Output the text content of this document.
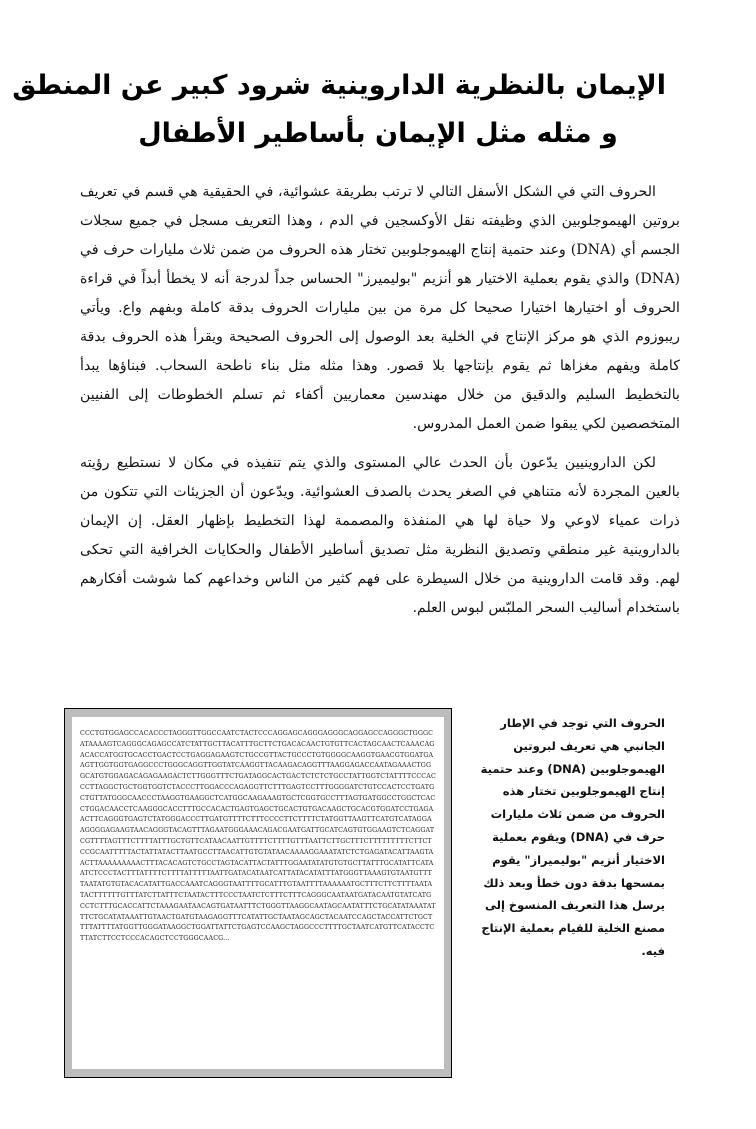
الإيمان بالنظرية الداروينية شرود كبير عن المنطق
و مثله مثل الإيمان بأساطير الأطفال

الحروف التي في الشكل الأسفل التالي لا ترتب بطريقة عشوائية، في الحقيقية هي قسم في تعريف بروتين الهيموجلوبين الذي وظيفته نقل الأوكسجين في الدم ، وهذا التعريف مسجل في جميع سجلات الجسم أي (DNA) وعند حتمية إنتاج الهيموجلوبين تختار هذه الحروف من ضمن ثلاث مليارات حرف في (DNA) والذي يقوم بعملية الاختيار هو أنزيم "بوليميرز" الحساس جداً لدرجة أنه لا يخطأ أبداً في قراءة الحروف أو اختيارها اختيارا صحيحا كل مرة من بين مليارات الحروف بدقة كاملة وبفهم واع. ويأتي ريبوزوم الذي هو مركز الإنتاج في الخلية بعد الوصول إلى الحروف الصحيحة ويقرأ هذه الحروف بدقة كاملة ويفهم مغزاها ثم يقوم بإنتاجها بلا قصور. وهذا مثله مثل بناء ناطحة السحاب. فبناؤها يبدأ بالتخطيط السليم والدقيق من خلال مهندسين معماريين أكفاء ثم تسلم الخطوطات إلى الفنيين المتخصصين لكي يبقوا ضمن العمل المدروس.

لكن الداروينيين يدّعون بأن الحدث عالي المستوى والذي يتم تنفيذه في مكان لا نستطيع رؤيته بالعين المجردة لأنه متناهي في الصغر يحدث بالصدف العشوائية. ويدّعون أن الجزيئات التي تتكون من ذرات عمياء لاوعي ولا حياة لها هي المنفذة والمصممة لهذا التخطيط بإظهار العقل. إن الإيمان بالداروينية غير منطقي وتصديق النظرية مثل تصديق أساطير الأطفال والحكايات الخرافية التي تحكى لهم. وقد قامت الداروينية من خلال السيطرة على فهم كثير من الناس وخداعهم كما شوشت أفكارهم باستخدام أساليب السحر الملبّس لبوس العلم.

CCCTGTGGAGCCACACCCTAGGGTTGGCCAATCTACTCCCAGGAGCAGGGAGGGCAGGAGCCAGGGCTGGGCATAAAAGTCAGGGCAGAGCCATCTATTGCTTACATTTGCTTCTGACACAACTGTGTTCACTAGCAACTCAAACAGACACCATGGTGCACCTGACTCCTGAGGAGAAGTCTGCCGTTACTGCCCTGTGGGGCAAGGTGAACGTGGATGAAGTTGGTGGTGAGGCCCTGGGCAGGTTGGTATCAAGGTTACAAGACAGGTTTAAGGAGACCAATAGAAACTGGGCATGTGGAGACAGAGAAGACTCTTGGGTTTCTGATAGGCACTGACTCTCTCTGCCTATTGGTCTATTTTCCCACCCTTAGGCTGCTGGTGGTCTACCCTTGGACCCAGAGGTTCTTTGAGTCCTTTGGGGATCTGTCCACTCCTGATGCTGTTATGGGCAACCCTAAGGTGAAGGCTCATGGCAAGAAAGTGCTCGGTGCCTTTAGTGATGGCCTGGCTCACCTGGACAACCTCAAGGGCACCTTTGCCACACTGAGTGAGCTGCACTGTGACAAGCTGCACGTGGATCCTGAGAACTTCAGGGTGAGTCTATGGGACCCTTGATGTTTTCTTTCCCCTTCTTTTCTATGGTTAAGTTCATGTCATAGGAAGGGGAGAAGTAACAGGGTACAGTTTAGAATGGGAAACAGACGAATGATTGCATCAGTGTGGAAGTCTCAGGATCGTTTTAGTTTCTTTTATTTGCTGTTCATAACAATTGTTTTCTTTTGTTTAATTCTTGCTTTCTTTTTTTTTCTTCTCCGCAATTTTTACTATTATACTTAATGCCTTAACATTGTGTATAACAAAAGGAAATATCTCTGAGATACATTAAGTAACTTAAAAAAAAACTTTACACAGTCTGCCTAGTACATTACTATTTGGAATATATGTGTGCTTATTTGCATATTCATAATCTCCCTACTTTATTTTCTTTTATTTTTAATTGATACATAATCATTATACATATTTATGGGTTAAAGTGTAATGTTTTAATATGTGTACACATATTGACCAAATCAGGGTAATTTTGCATTTGTAATTTTAAAAAATGCTTTCTTCTTTTAATATACTTTTTTGTTTATCTTATTTCTAATACTTTCCCTAATCTCTTTCTTTCAGGGCAATAATGATACAATGTATCATGCCTCTTTGCACCATTCTAAAGAATAACAGTGATAATTTCTGGGTTAAGGCAATAGCAATATTTCTGCATATAAATATTTCTGCATATAAATTGTAACTGATGTAAGAGGTTTCATATTGCTAATAGCAGCTACAATCCAGCTACCATTCTGCTTTTATTTTATGGTTGGGATAAGGCTGGATTATTCTGAGTCCAAGCTAGGCCCTTTTGCTAATCATGTTCATACCTCTTATCTTCCTCCCACAGCTCCTGGGCAACG...
الحروف التي توجد في الإطار الجانبي هي تعريف لبروتين الهيموجلوبين (DNA) وعند حتمية إنتاج الهيموجلوبين تختار هذه الحروف من ضمن ثلاث مليارات حرف في (DNA) ويقوم بعملية الاختيار أنزيم "بوليميراز" يقوم بمسحها بدقة دون خطأ وبعد ذلك يرسل هذا التعريف المنسوخ إلى مصنع الخلية للقيام بعملية الإنتاج فيه.
